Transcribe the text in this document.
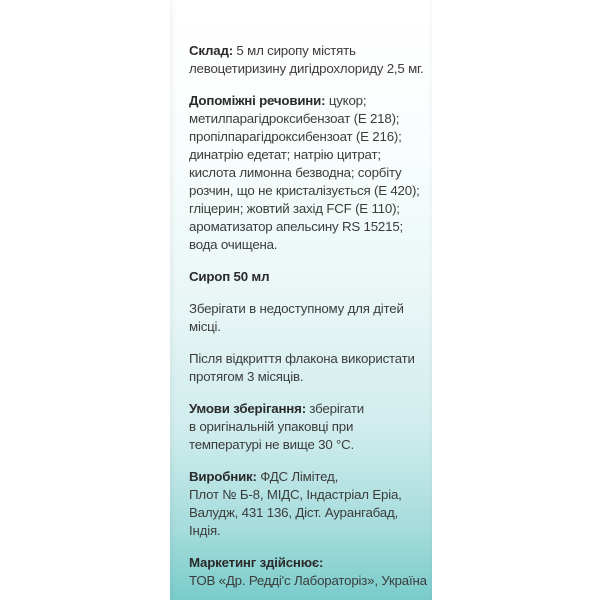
Склад: 5 мл сиропу містять
левоцетиризину дигідрохлориду 2,5 мг.

Допоміжні речовини: цукор;
метилпарагідроксибензоат (Е 218);
пропілпарагідроксибензоат (Е 216);
динатрію едетат; натрію цитрат;
кислота лимонна безводна; сорбіту
розчин, що не кристалізується (Е 420);
гліцерин; жовтий захід FCF (Е 110);
ароматизатор апельсину RS 15215;
вода очищена.

Сироп 50 мл

Зберігати в недоступному для дітей
місці.

Після відкриття флакона використати
протягом 3 місяців.

Умови зберігання: зберігати
в оригінальній упаковці при
температурі не вище 30 °С.

Виробник: ФДС Лімітед,
Плот № Б-8, МІДС, Індастріал Еріа,
Валудж, 431 136, Діст. Аурангабад,
Індія.

Маркетинг здійснює:
ТОВ «Др. Редді'с Лабораторіз», Україна
